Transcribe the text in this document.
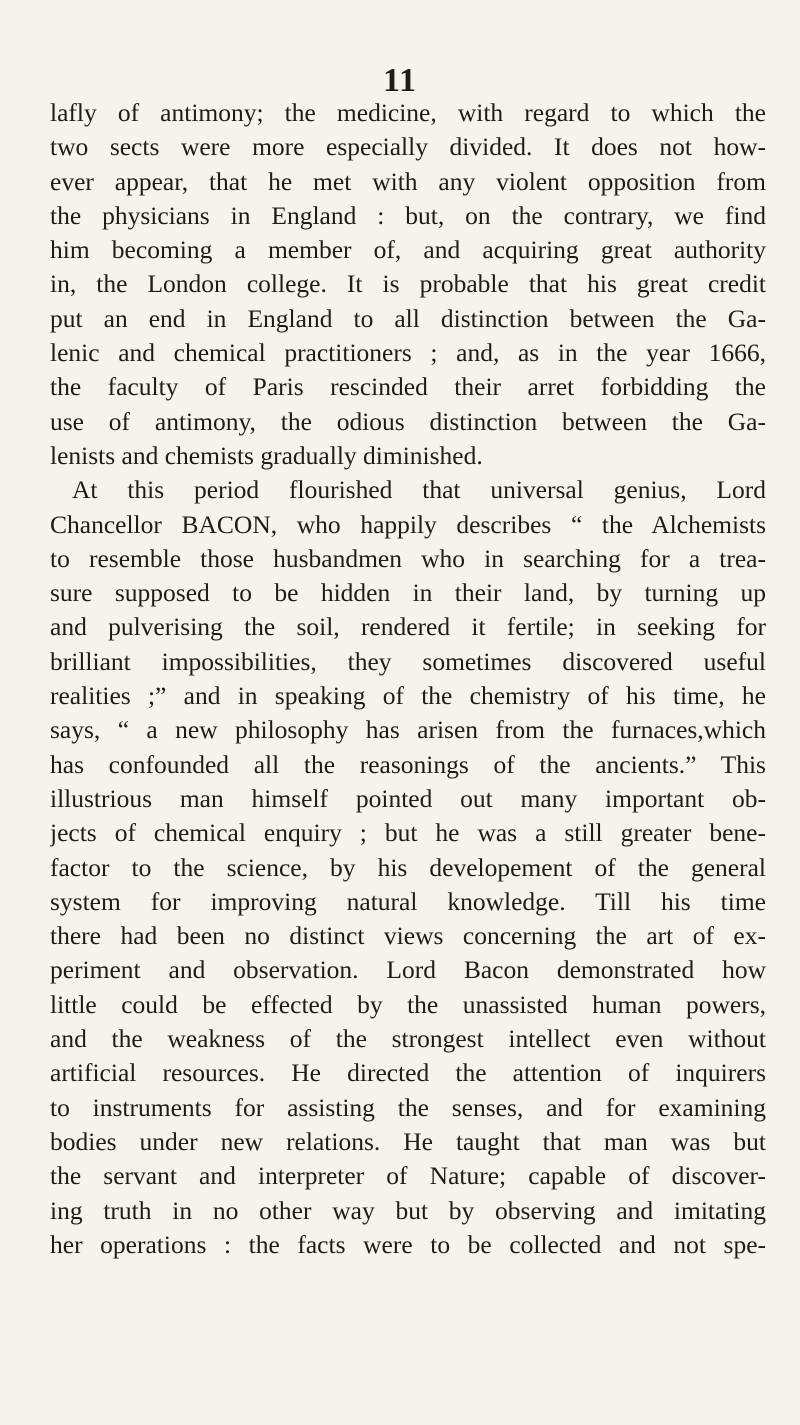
11
lafly of antimony; the medicine, with regard to which the
two sects were more especially divided. It does not how-
ever appear, that he met with any violent opposition from
the physicians in England : but, on the contrary, we find
him becoming a member of, and acquiring great authority
in, the London college. It is probable that his great credit
put an end in England to all distinction between the Ga-
lenic and chemical practitioners ; and, as in the year 1666,
the faculty of Paris rescinded their arret forbidding the
use of antimony, the odious distinction between the Ga-
lenists and chemists gradually diminished.
At this period flourished that universal genius, Lord
Chancellor BACON, who happily describes “ the Alchemists
to resemble those husbandmen who in searching for a trea-
sure supposed to be hidden in their land, by turning up
and pulverising the soil, rendered it fertile; in seeking for
brilliant impossibilities, they sometimes discovered useful
realities ;” and in speaking of the chemistry of his time, he
says, “ a new philosophy has arisen from the furnaces,which
has confounded all the reasonings of the ancients.” This
illustrious man himself pointed out many important ob-
jects of chemical enquiry ; but he was a still greater bene-
factor to the science, by his developement of the general
system for improving natural knowledge. Till his time
there had been no distinct views concerning the art of ex-
periment and observation. Lord Bacon demonstrated how
little could be effected by the unassisted human powers,
and the weakness of the strongest intellect even without
artificial resources. He directed the attention of inquirers
to instruments for assisting the senses, and for examining
bodies under new relations. He taught that man was but
the servant and interpreter of Nature; capable of discover-
ing truth in no other way but by observing and imitating
her operations : the facts were to be collected and not spe-
